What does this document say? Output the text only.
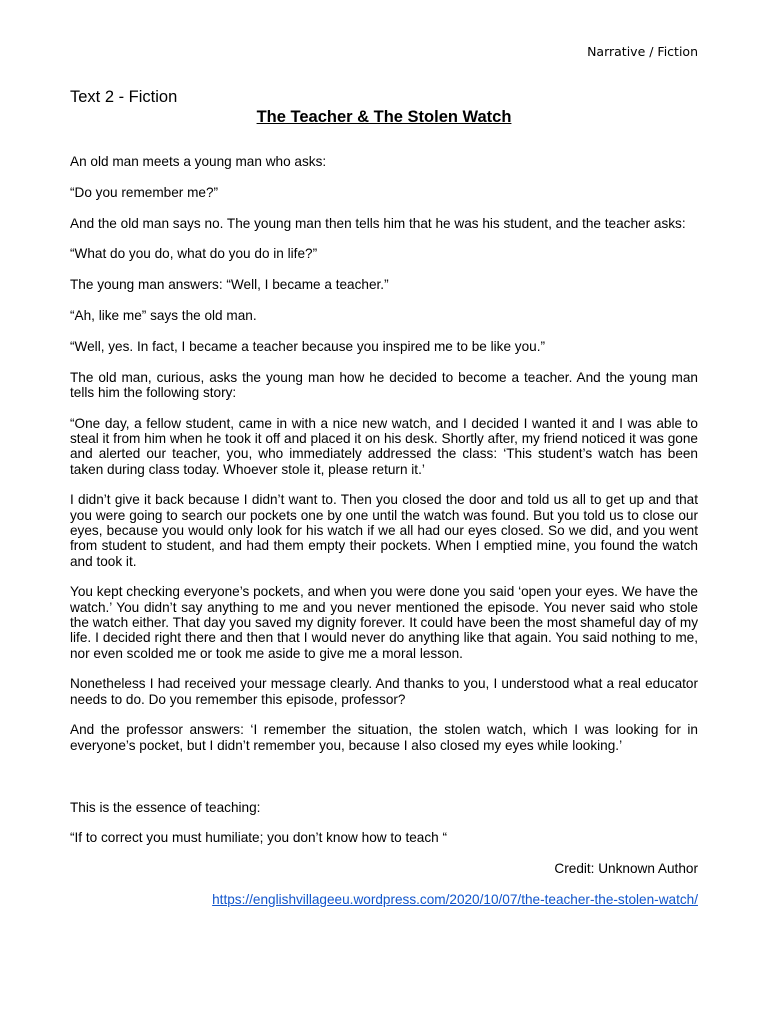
Narrative / Fiction

Text 2 - Fiction

The Teacher & The Stolen Watch

An old man meets a young man who asks:

“Do you remember me?”

And the old man says no. The young man then tells him that he was his student, and the teacher asks:

“What do you do, what do you do in life?”

The young man answers: “Well, I became a teacher.”

“Ah, like me” says the old man.

“Well, yes. In fact, I became a teacher because you inspired me to be like you.”

The old man, curious, asks the young man how he decided to become a teacher. And the young man tells him the following story:

“One day, a fellow student, came in with a nice new watch, and I decided I wanted it and I was able to steal it from him when he took it off and placed it on his desk. Shortly after, my friend noticed it was gone and alerted our teacher, you, who immediately addressed the class: ‘This student’s watch has been taken during class today. Whoever stole it, please return it.’

I didn’t give it back because I didn’t want to. Then you closed the door and told us all to get up and that you were going to search our pockets one by one until the watch was found. But you told us to close our eyes, because you would only look for his watch if we all had our eyes closed. So we did, and you went from student to student, and had them empty their pockets. When I emptied mine, you found the watch and took it.

You kept checking everyone’s pockets, and when you were done you said ‘open your eyes. We have the watch.’ You didn’t say anything to me and you never mentioned the episode. You never said who stole the watch either. That day you saved my dignity forever. It could have been the most shameful day of my life. I decided right there and then that I would never do anything like that again. You said nothing to me, nor even scolded me or took me aside to give me a moral lesson.

Nonetheless I had received your message clearly. And thanks to you, I understood what a real educator needs to do. Do you remember this episode, professor?

And the professor answers: ‘I remember the situation, the stolen watch, which I was looking for in everyone’s pocket, but I didn’t remember you, because I also closed my eyes while looking.’

This is the essence of teaching:

“If to correct you must humiliate; you don’t know how to teach “

Credit: Unknown Author

https://englishvillageeu.wordpress.com/2020/10/07/the-teacher-the-stolen-watch/
